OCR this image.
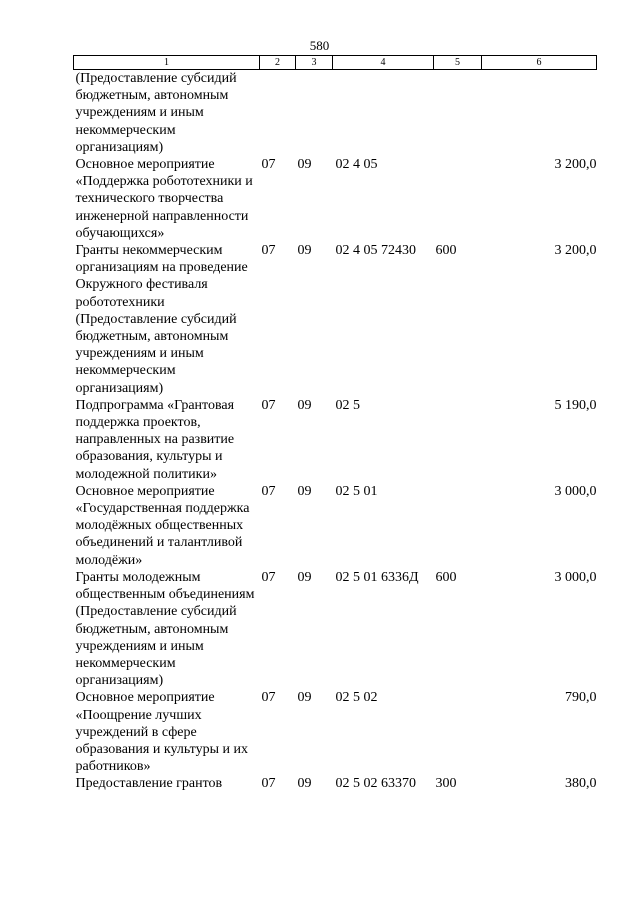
580
1	2	3	4	5	6
(Предоставление субсидий бюджетным, автономным учреждениям и иным некоммерческим организациям)					
Основное мероприятие «Поддержка робототехники и технического творчества инженерной направленности обучающихся»	07	09	02 4 05		3 200,0
Гранты некоммерческим организациям на проведение Окружного фестиваля робототехники (Предоставление субсидий бюджетным, автономным учреждениям и иным некоммерческим организациям)	07	09	02 4 05 72430	600	3 200,0
Подпрограмма «Грантовая поддержка проектов, направленных на развитие образования, культуры и молодежной политики»	07	09	02 5		5 190,0
Основное мероприятие «Государственная поддержка молодёжных общественных объединений и талантливой молодёжи»	07	09	02 5 01		3 000,0
Гранты молодежным общественным объединениям (Предоставление субсидий бюджетным, автономным учреждениям и иным некоммерческим организациям)	07	09	02 5 01 6336Д	600	3 000,0
Основное мероприятие «Поощрение лучших учреждений в сфере образования и культуры и их работников»	07	09	02 5 02		790,0
Предоставление грантов	07	09	02 5 02 63370	300	380,0
